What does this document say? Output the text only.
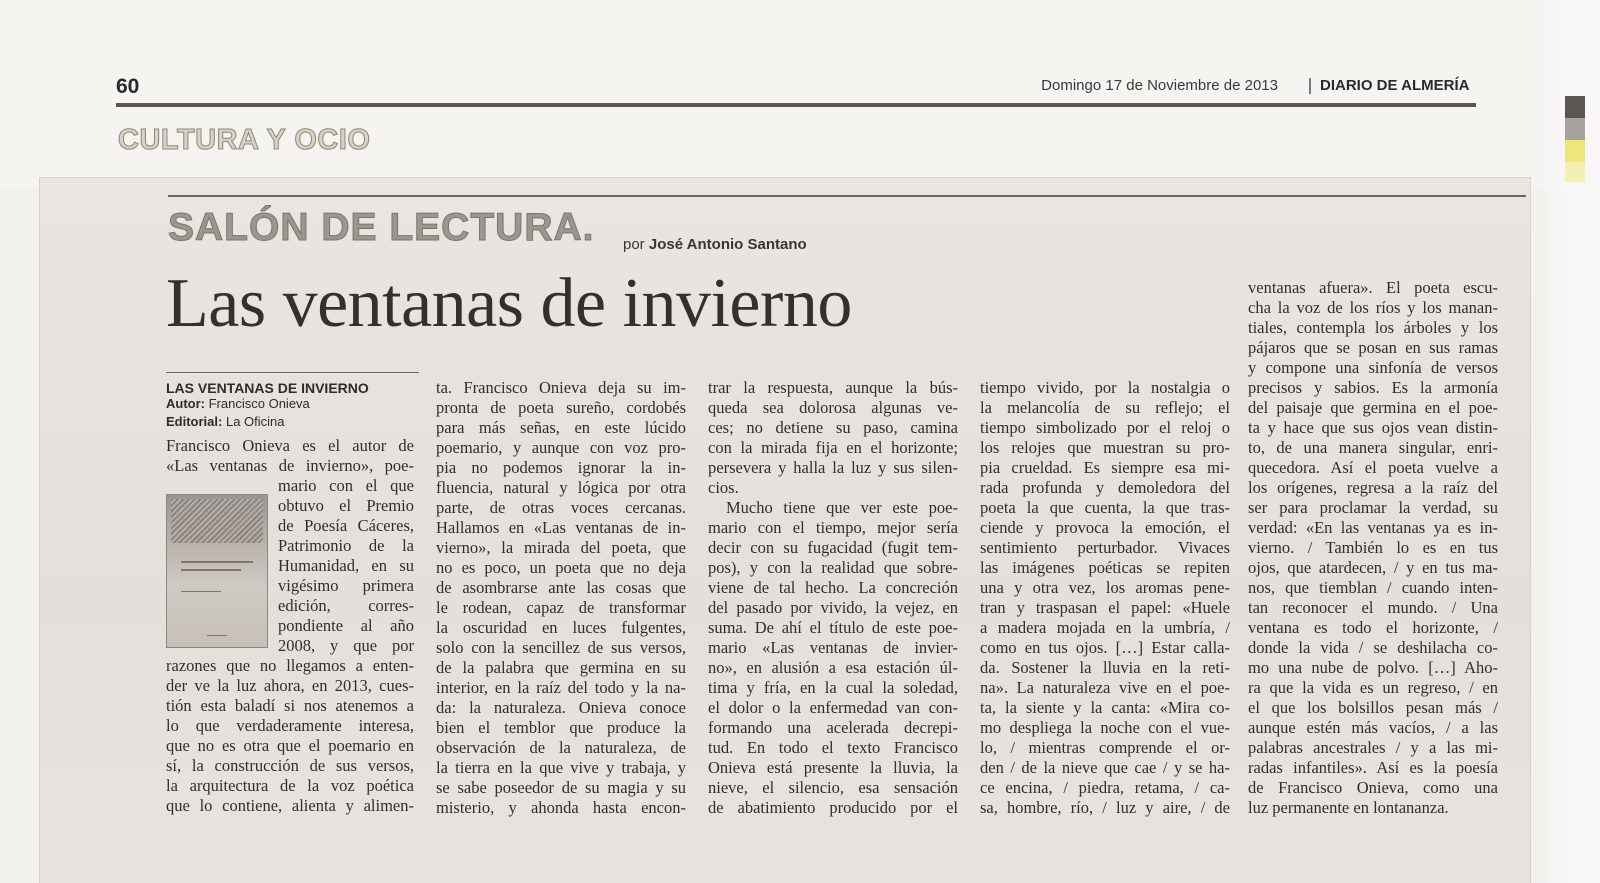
60	Domingo 17 de Noviembre de 2013	DIARIO DE ALMERÍA
CULTURA Y OCIO
SALÓN DE LECTURA. por José Antonio Santano
Las ventanas de invierno
LAS VENTANAS DE INVIERNO
Autor: Francisco Onieva
Editorial: La Oficina
Francisco Onieva es el autor de
«Las ventanas de invierno», poe-
mario con el que
obtuvo el Premio
de Poesía Cáceres,
Patrimonio de la
Humanidad, en su
vigésimo primera
edición, corres-
pondiente al año
2008, y que por
razones que no llegamos a enten-
der ve la luz ahora, en 2013, cues-
tión esta baladí si nos atenemos a
lo que verdaderamente interesa,
que no es otra que el poemario en
sí, la construcción de sus versos,
la arquitectura de la voz poética
que lo contiene, alienta y alimen-
ta. Francisco Onieva deja su im-
pronta de poeta sureño, cordobés
para más señas, en este lúcido
poemario, y aunque con voz pro-
pia no podemos ignorar la in-
fluencia, natural y lógica por otra
parte, de otras voces cercanas.
Hallamos en «Las ventanas de in-
vierno», la mirada del poeta, que
no es poco, un poeta que no deja
de asombrarse ante las cosas que
le rodean, capaz de transformar
la oscuridad en luces fulgentes,
solo con la sencillez de sus versos,
de la palabra que germina en su
interior, en la raíz del todo y la na-
da: la naturaleza. Onieva conoce
bien el temblor que produce la
observación de la naturaleza, de
la tierra en la que vive y trabaja, y
se sabe poseedor de su magia y su
misterio, y ahonda hasta encon-
trar la respuesta, aunque la bús-
queda sea dolorosa algunas ve-
ces; no detiene su paso, camina
con la mirada fija en el horizonte;
persevera y halla la luz y sus silen-
cios.
Mucho tiene que ver este poe-
mario con el tiempo, mejor sería
decir con su fugacidad (fugit tem-
pos), y con la realidad que sobre-
viene de tal hecho. La concreción
del pasado por vivido, la vejez, en
suma. De ahí el título de este poe-
mario «Las ventanas de invier-
no», en alusión a esa estación úl-
tima y fría, en la cual la soledad,
el dolor o la enfermedad van con-
formando una acelerada decrepi-
tud. En todo el texto Francisco
Onieva está presente la lluvia, la
nieve, el silencio, esa sensación
de abatimiento producido por el
tiempo vivido, por la nostalgia o
la melancolía de su reflejo; el
tiempo simbolizado por el reloj o
los relojes que muestran su pro-
pia crueldad. Es siempre esa mi-
rada profunda y demoledora del
poeta la que cuenta, la que tras-
ciende y provoca la emoción, el
sentimiento perturbador. Vivaces
las imágenes poéticas se repiten
una y otra vez, los aromas pene-
tran y traspasan el papel: «Huele
a madera mojada en la umbría, /
como en tus ojos. […] Estar calla-
da. Sostener la lluvia en la reti-
na». La naturaleza vive en el poe-
ta, la siente y la canta: «Mira co-
mo despliega la noche con el vue-
lo, / mientras comprende el or-
den / de la nieve que cae / y se ha-
ce encina, / piedra, retama, / ca-
sa, hombre, río, / luz y aire, / de
ventanas afuera». El poeta escu-
cha la voz de los ríos y los manan-
tiales, contempla los árboles y los
pájaros que se posan en sus ramas
y compone una sinfonía de versos
precisos y sabios. Es la armonía
del paisaje que germina en el poe-
ta y hace que sus ojos vean distin-
to, de una manera singular, enri-
quecedora. Así el poeta vuelve a
los orígenes, regresa a la raíz del
ser para proclamar la verdad, su
verdad: «En las ventanas ya es in-
vierno. / También lo es en tus
ojos, que atardecen, / y en tus ma-
nos, que tiemblan / cuando inten-
tan reconocer el mundo. / Una
ventana es todo el horizonte, /
donde la vida / se deshilacha co-
mo una nube de polvo. […] Aho-
ra que la vida es un regreso, / en
el que los bolsillos pesan más /
aunque estén más vacíos, / a las
palabras ancestrales / y a las mi-
radas infantiles». Así es la poesía
de Francisco Onieva, como una
luz permanente en lontananza.
